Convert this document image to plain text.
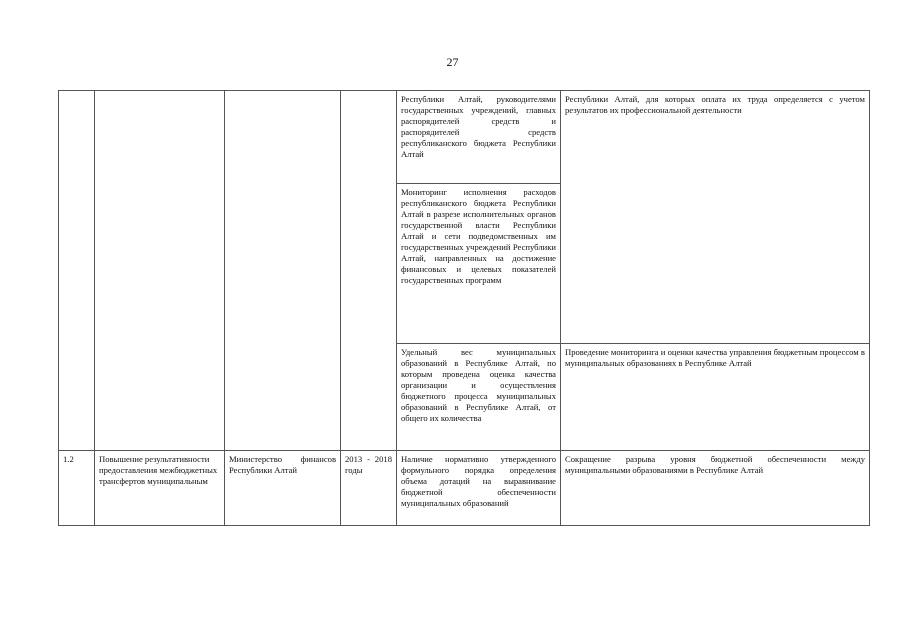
27
				Республики Алтай, руководителями государственных учреждений, главных распорядителей средств и распорядителей средств республиканского бюджета Республики Алтай	Республики Алтай, для которых оплата их труда определяется с учетом результатов их профессиональной деятельности
				Мониторинг исполнения расходов республиканского бюджета Республики Алтай в разрезе исполнительных органов государственной власти Республики Алтай и сети подведомственных им государственных учреждений Республики Алтай, направленных на достижение финансовых и целевых показателей государственных программ	
				Удельный вес муниципальных образований в Республике Алтай, по которым проведена оценка качества организации и осуществления бюджетного процесса муниципальных образований в Республике Алтай, от общего их количества	Проведение мониторинга и оценки качества управления бюджетным процессом в муниципальных образованиях в Республике Алтай
1.2	Повышение результативности предоставления межбюджетных трансфертов муниципальным	Министерство финансов Республики Алтай	2013 - 2018 годы	Наличие нормативно утвержденного формульного порядка определения объема дотаций на выравнивание бюджетной обеспеченности муниципальных образований	Сокращение разрыва уровня бюджетной обеспеченности между муниципальными образованиями в Республике Алтай
